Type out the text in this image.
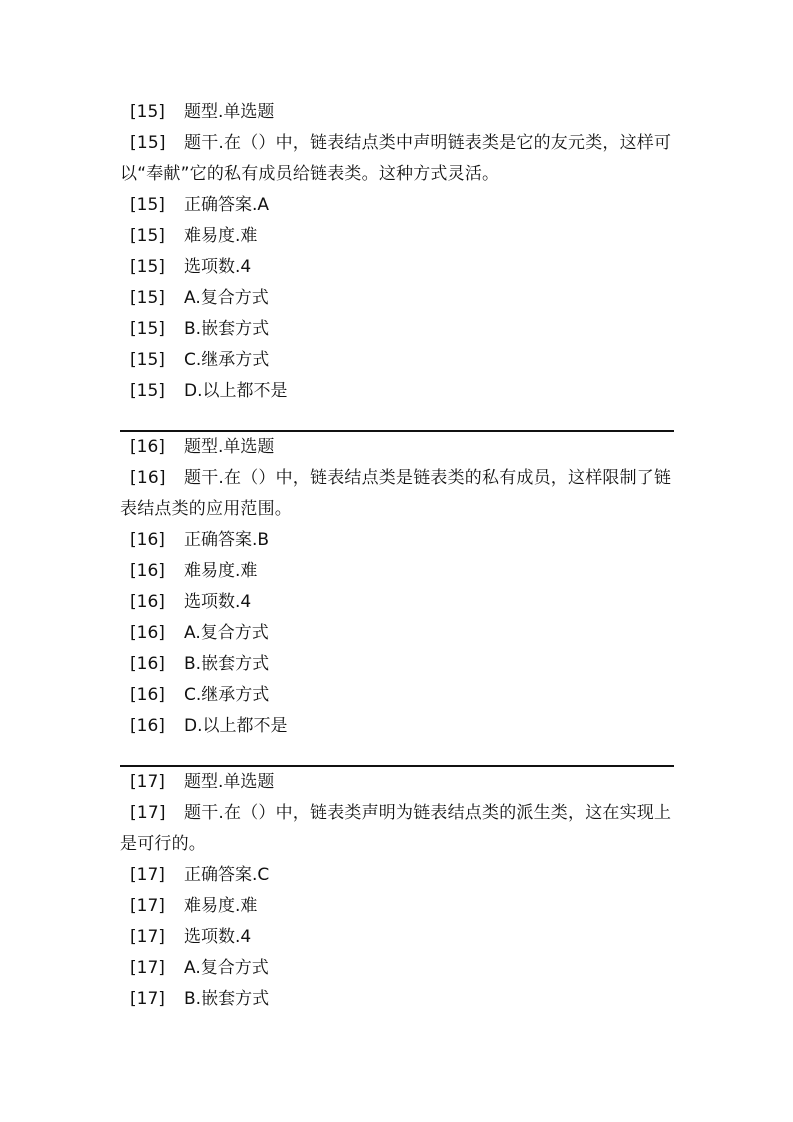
[15]	题型.单选题
[15] 题干.在（）中，链表结点类中声明链表类是它的友元类，这样可以“奉献”它的私有成员给链表类。这种方式灵活。
[15]	正确答案.A
[15]	难易度.难
[15]	选项数.4
[15]	A.复合方式
[15]	B.嵌套方式
[15]	C.继承方式
[15]	D.以上都不是
[16]	题型.单选题
[16] 题干.在（）中，链表结点类是链表类的私有成员，这样限制了链表结点类的应用范围。
[16]	正确答案.B
[16]	难易度.难
[16]	选项数.4
[16]	A.复合方式
[16]	B.嵌套方式
[16]	C.继承方式
[16]	D.以上都不是
[17]	题型.单选题
[17] 题干.在（）中，链表类声明为链表结点类的派生类，这在实现上是可行的。
[17]	正确答案.C
[17]	难易度.难
[17]	选项数.4
[17]	A.复合方式
[17]	B.嵌套方式
